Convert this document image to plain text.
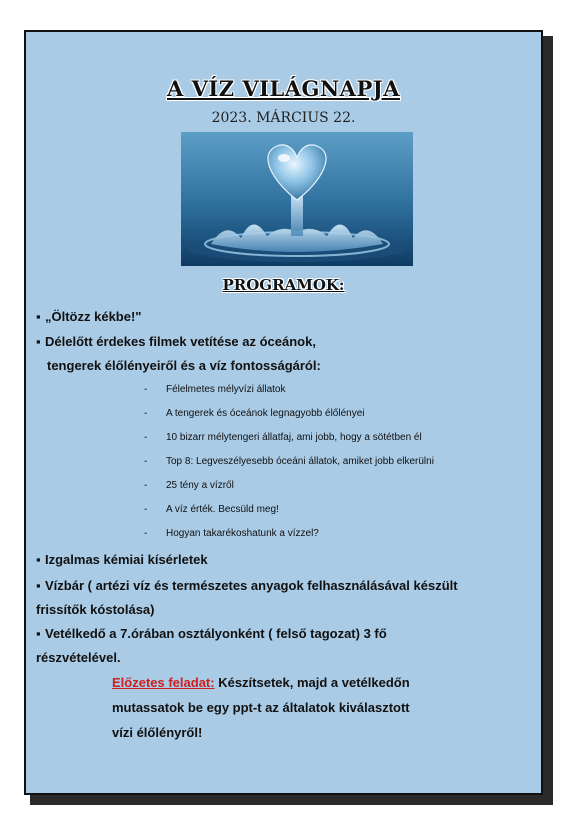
A VÍZ VILÁGNAPJA
2023. MÁRCIUS 22.
PROGRAMOK:
▪ „Öltözz kékbe!"
▪ Délelőtt érdekes filmek vetítése az óceánok,
tengerek élőlényeiről és a víz fontosságáról:
- Félelmetes mélyvízi állatok
- A tengerek és óceánok legnagyobb élőlényei
- 10 bizarr mélytengeri állatfaj, ami jobb, hogy a sötétben él
- Top 8: Legveszélyesebb óceáni állatok, amiket jobb elkerülni
- 25 tény a vízről
- A víz érték. Becsüld meg!
- Hogyan takarékoshatunk a vízzel?
▪ Izgalmas kémiai kísérletek
▪ Vízbár ( artézi víz és természetes anyagok felhasználásával készült
frissítők kóstolása)
▪ Vetélkedő a 7.órában osztályonként ( felső tagozat) 3 fő
részvételével.
Előzetes feladat: Készítsetek, majd a vetélkedőn
mutassatok be egy ppt-t az általatok kiválasztott
vízi élőlényről!
